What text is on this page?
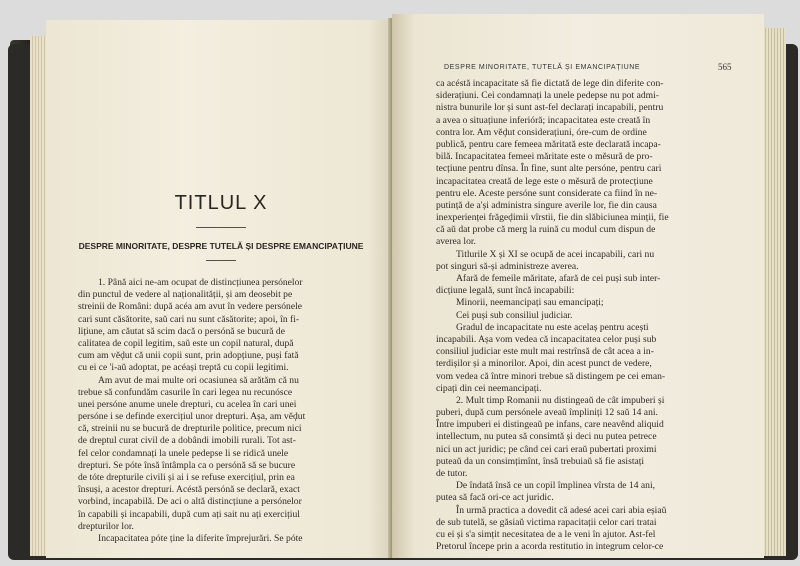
TITLUL X
DESPRE MINORITATE, DESPRE TUTELĂ ȘI DESPRE EMANCIPAȚIUNE
1. Până aici ne-am ocupat de distincțiunea persónelor
din punctul de vedere al naționalității, și am deosebit pe
streinii de Români: după acéa am avut în vedere persónele
cari sunt căsătorite, saŭ cari nu sunt căsătorite; apoi, în fi-
lițiune, am căutat să scim dacă o persónă se bucură de
calitatea de copil legitim, saŭ este un copil natural, după
cum am vĕḑut că unii copii sunt, prin adopțiune, puși fată
cu ei ce 'i-aŭ adoptat, pe acéași treptă cu copii legitimi.
Am avut de mai multe ori ocasiunea să arătăm că nu
trebue să confundăm casurile în cari legea nu recunósce
unei persóne anume unele drepturi, cu acelea în cari unei
persóne i se definde exercițiul unor drepturi. Așa, am vĕḑut
că, streinii nu se bucură de drepturile politice, precum nici
de dreptul curat civil de a dobândi imobili rurali. Tot ast-
fel celor condamnați la unele pedepse li se ridică unele
drepturi. Se póte însă întâmpla ca o persónă să se bucure
de tóte drepturile civili și ai i se refuse exercițiul, prin ea
însuși, a acestor drepturi. Acéstă persónă se declară, exact
vorbind, incapabilă. De aci o altă distincțiune a persónelor
în capabili și incapabili, după cum ați sait nu ați exercițiul
drepturilor lor.
Incapacitatea póte ține la diferite împrejurări. Se póte
DESPRE MINORITATE, TUTELĂ ȘI EMANCIPAȚIUNE	565
ca acéstă incapacitate să fie dictată de lege din diferite con-
siderațiuni. Cei condamnați la unele pedepse nu pot admi-
nistra bunurile lor și sunt ast-fel declarați incapabili, pentru
a avea o situațiune inferióră; incapacitatea este creată în
contra lor. Am vĕḑut considerațiuni, óre-cum de ordine
publică, pentru care femeea măritată este declarată incapa-
bilă. Incapacitatea femeei măritate este o mĕsură de pro-
tecțiune pentru dînsa. În fine, sunt alte persóne, pentru cari
incapacitatea creată de lege este o mĕsură de protecțiune
pentru ele. Aceste persóne sunt considerate ca fiind în ne-
putință de a'și administra singure averile lor, fie din causa
inexperienței frăgeḑimii vîrstii, fie din slăbiciunea minții, fie
că aŭ dat probe că merg la ruină cu modul cum dispun de
averea lor.
Titlurile X și XI se ocupă de acei incapabili, cari nu
pot singuri să-și administreze averea.
Afară de femeile măritate, afară de cei puși sub inter-
dicțiune legală, sunt încă incapabili:
Minorii, neemancipați sau emancipați;
Cei puși sub consiliul judiciar.
Gradul de incapacitate nu este acelaș pentru acești
incapabili. Așa vom vedea că incapacitatea celor puși sub
consiliul judiciar este mult mai restrînsă de cât acea a in-
terdișilor și a minorilor. Apoi, din acest punct de vedere,
vom vedea că între minori trebue să distingem pe cei eman-
cipați din cei neemancipați.
2. Mult timp Romanii nu distingeaŭ de cât impuberi și
puberi, după cum persónele aveaŭ împliniți 12 saŭ 14 ani.
Între impuberi ei distingeaŭ pe infans, care neavênd aliquid
intellectum, nu putea să consimtă și deci nu putea petrece
nici un act juridic; pe când cei cari eraŭ pubertati proximi
puteaŭ da un consimțimînt, însă trebuiaŭ să fie asistați
de tutor.
De îndată însă ce un copil împlinea vîrsta de 14 ani,
putea să facă ori-ce act juridic.
În urmă practica a dovedit că adesé acei cari abia eșiaŭ
de sub tutelă, se găsiaŭ victima rapacitații celor cari tratai
cu ei și s'a simțit necesitatea de a le veni în ajutor. Ast-fel
Pretorul începe prin a acorda restitutio in integrum celor-ce
